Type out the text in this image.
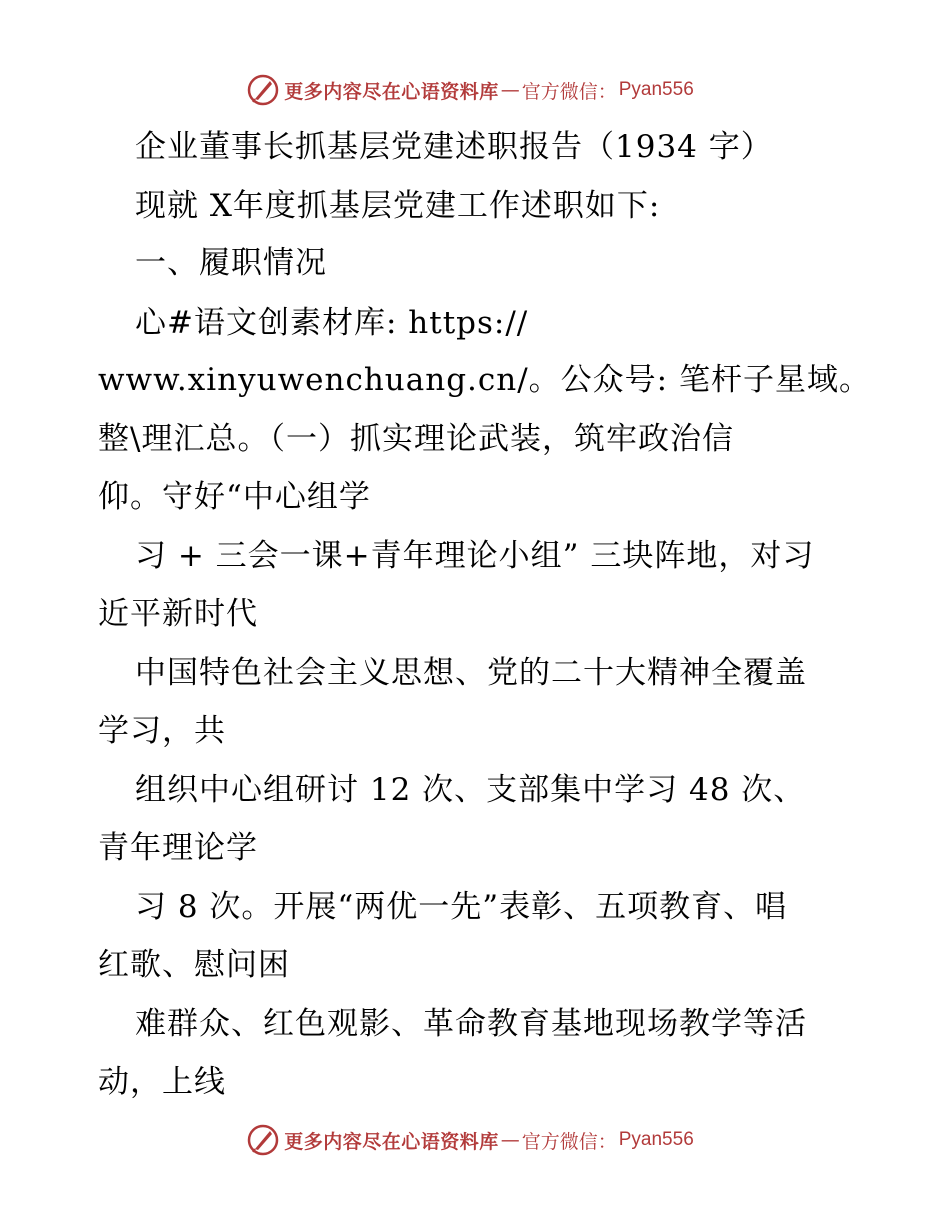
更多内容尽在心语资料库 — 官方微信： Pyan556
企业董事长抓基层党建述职报告（1934 字）
现就 X年度抓基层党建工作述职如下:
一、履职情况
心#语文创素材库: https://
www.xinyuwenchuang.cn/。公众号: 笔杆子星域。
整\理汇总。（一）抓实理论武装，筑牢政治信
仰。守好“中心组学
习 + 三会一课+青年理论小组” 三块阵地，对习
近平新时代
中国特色社会主义思想、党的二十大精神全覆盖
学习，共
组织中心组研讨 12 次、支部集中学习 48 次、
青年理论学
习 8 次。开展“两优一先”表彰、五项教育、唱
红歌、慰问困
难群众、红色观影、革命教育基地现场教学等活
动，上线
更多内容尽在心语资料库 — 官方微信： Pyan556
